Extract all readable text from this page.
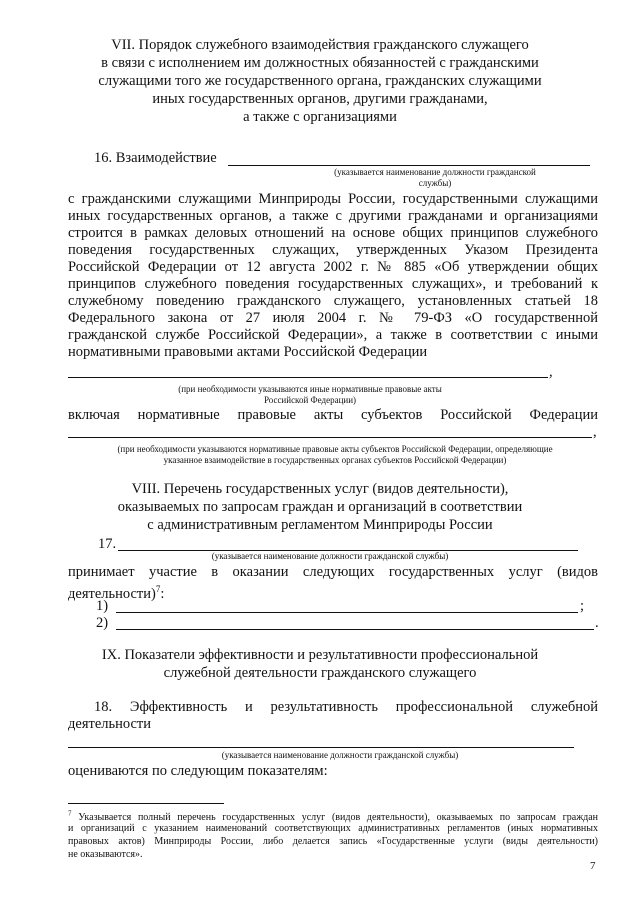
VII. Порядок служебного взаимодействия гражданского служащего
в связи с исполнением им должностных обязанностей с гражданскими
служащими того же государственного органа, гражданских служащими
иных государственных органов, другими гражданами,
а также с организациями
16. Взаимодействие
(указывается наименование должности гражданской
службы)
с гражданскими служащими Минприроды России, государственными служащими
иных государственных органов, а также с другими гражданами и организациями
строится в рамках деловых отношений на основе общих принципов служебного
поведения государственных служащих, утвержденных Указом Президента
Российской Федерации от 12 августа 2002 г. № 885 «Об утверждении общих
принципов служебного поведения государственных служащих», и требований к
служебному поведению гражданского служащего, установленных статьей 18
Федерального закона от 27 июля 2004 г. № 79-ФЗ «О государственной
гражданской службе Российской Федерации», а также в соответствии с иными
нормативными правовыми актами Российской Федерации
,
(при необходимости указываются иные нормативные правовые акты
Российской Федерации)
включая нормативные правовые акты субъектов Российской Федерации
,
(при необходимости указываются нормативные правовые акты субъектов Российской Федерации, определяющие
указанное взаимодействие в государственных органах субъектов Российской Федерации)
VIII. Перечень государственных услуг (видов деятельности),
оказываемых по запросам граждан и организаций в соответствии
с административным регламентом Минприроды России
17.
(указывается наименование должности гражданской службы)
принимает участие в оказании следующих государственных услуг (видов
деятельности)$^7$:
1)	;
2)	.
IX. Показатели эффективности и результативности профессиональной
служебной деятельности гражданского служащего
18. Эффективность и результативность профессиональной служебной
деятельности
(указывается наименование должности гражданской службы)
оцениваются по следующим показателям:
$^7$ Указывается полный перечень государственных услуг (видов деятельности), оказываемых по запросам граждан
и организаций с указанием наименований соответствующих административных регламентов (иных нормативных
правовых актов) Минприроды России, либо делается запись «Государственные услуги (виды деятельности)
не оказываются».
7
